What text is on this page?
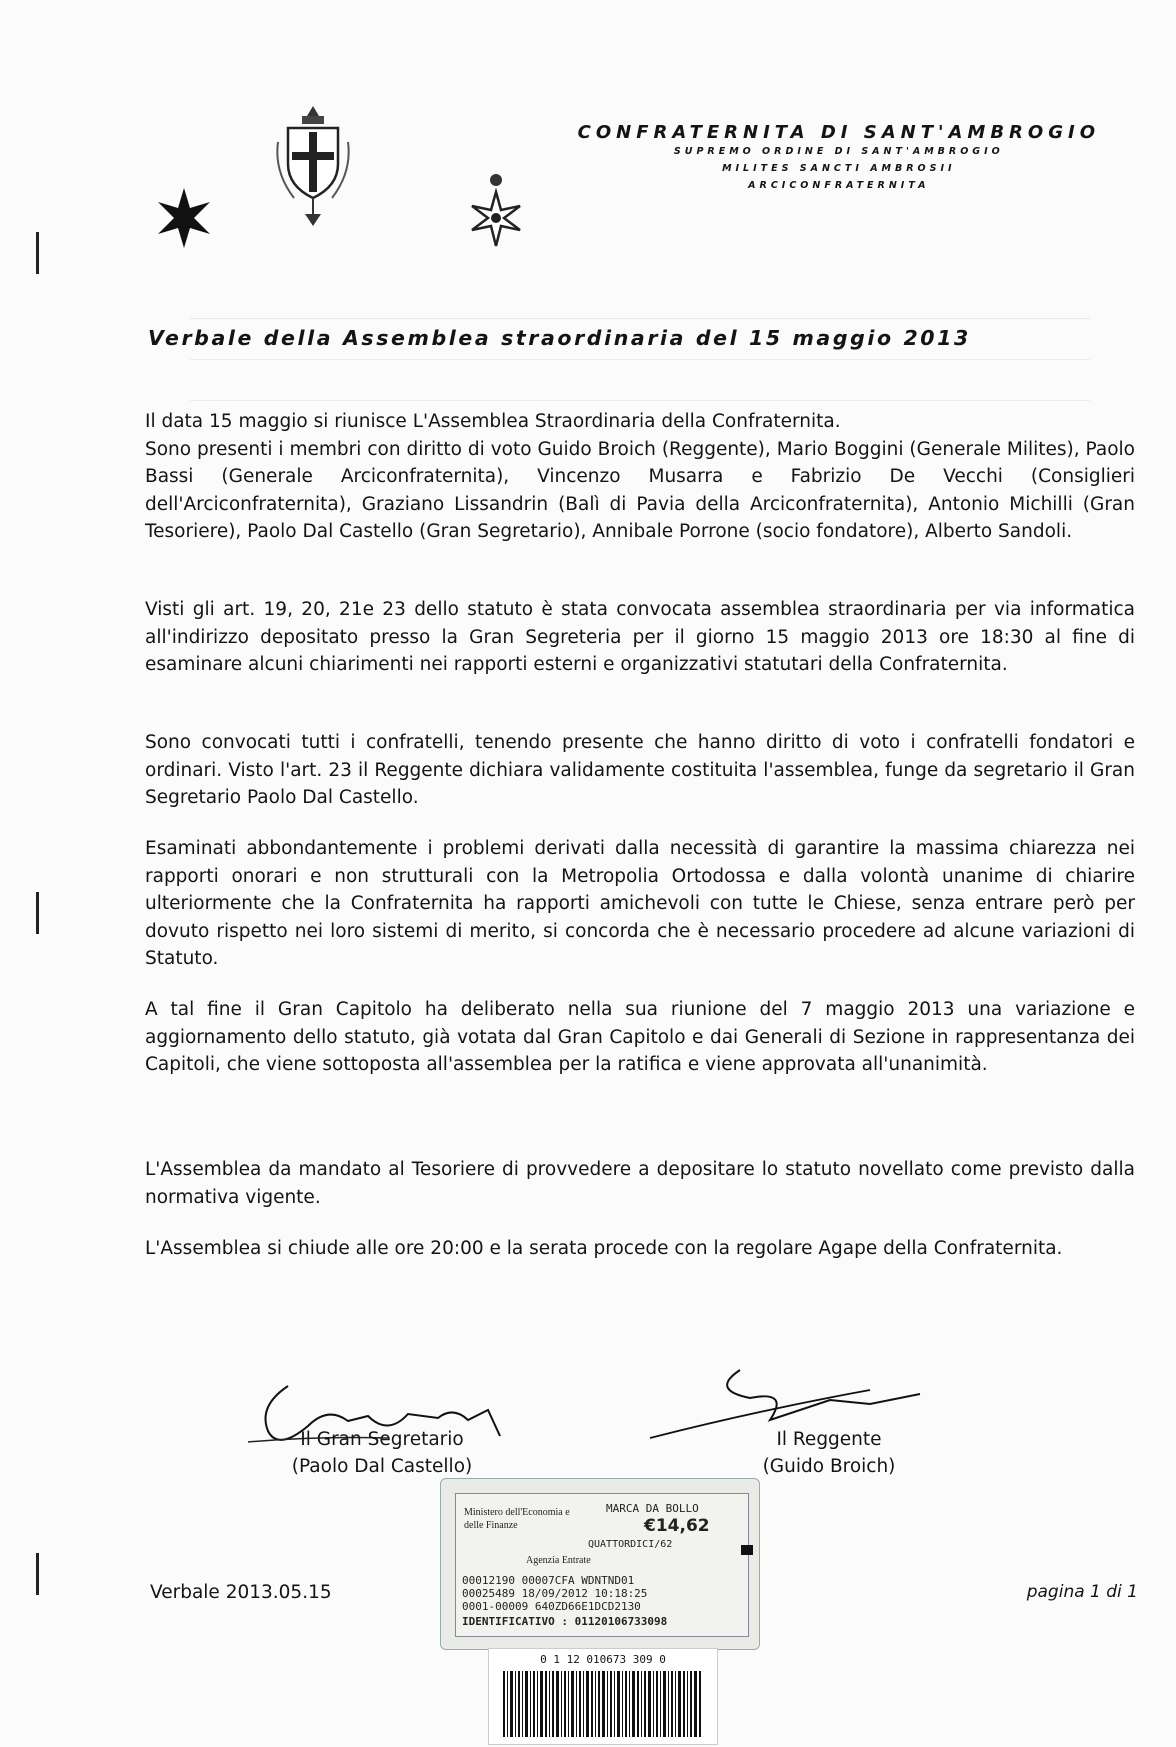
CONFRATERNITA DI SANT'AMBROGIO
SUPREMO ORDINE DI SANT'AMBROGIO
MILITES SANCTI AMBROSII
ARCICONFRATERNITA
Verbale della Assemblea straordinaria del 15 maggio 2013
Il data 15 maggio si riunisce L'Assemblea Straordinaria della Confraternita.
Sono presenti i membri con diritto di voto Guido Broich (Reggente), Mario Boggini (Generale Milites), Paolo Bassi (Generale Arciconfraternita), Vincenzo Musarra e Fabrizio De Vecchi (Consiglieri dell'Arciconfraternita), Graziano Lissandrin (Balì di Pavia della Arciconfraternita), Antonio Michilli (Gran Tesoriere), Paolo Dal Castello (Gran Segretario), Annibale Porrone (socio fondatore), Alberto Sandoli.
Visti gli art. 19, 20, 21e 23 dello statuto è stata convocata assemblea straordinaria per via informatica all'indirizzo depositato presso la Gran Segreteria per il giorno 15 maggio 2013 ore 18:30 al fine di esaminare alcuni chiarimenti nei rapporti esterni e organizzativi statutari della Confraternita.
Sono convocati tutti i confratelli, tenendo presente che hanno diritto di voto i confratelli fondatori e ordinari. Visto l'art. 23 il Reggente dichiara validamente costituita l'assemblea, funge da segretario il Gran Segretario Paolo Dal Castello.
Esaminati abbondantemente i problemi derivati dalla necessità di garantire la massima chiarezza nei rapporti onorari e non strutturali con la Metropolia Ortodossa e dalla volontà unanime di chiarire ulteriormente che la Confraternita ha rapporti amichevoli con tutte le Chiese, senza entrare però per dovuto rispetto nei loro sistemi di merito, si concorda che è necessario procedere ad alcune variazioni di Statuto.
A tal fine il Gran Capitolo ha deliberato nella sua riunione del 7 maggio 2013 una variazione e aggiornamento dello statuto, già votata dal Gran Capitolo e dai Generali di Sezione in rappresentanza dei Capitoli, che viene sottoposta all'assemblea per la ratifica e viene approvata all'unanimità.
L'Assemblea da mandato al Tesoriere di provvedere a depositare lo statuto novellato come previsto dalla normativa vigente.
L'Assemblea si chiude alle ore 20:00 e la serata procede con la regolare Agape della Confraternita.
Il Gran Segretario
(Paolo Dal Castello)
Il Reggente
(Guido Broich)
Ministero dell'Economia e delle Finanze
MARCA DA BOLLO
€14,62
QUATTORDICI/62
Agenzia Entrate
00012190 00007CFA WDNTND01
00025489 18/09/2012 10:18:25
0001-00009 640ZD66E1DCD2130
IDENTIFICATIVO : 01120106733098
0 1 12 010673 309 0
Verbale 2013.05.15	pagina 1 di 1
